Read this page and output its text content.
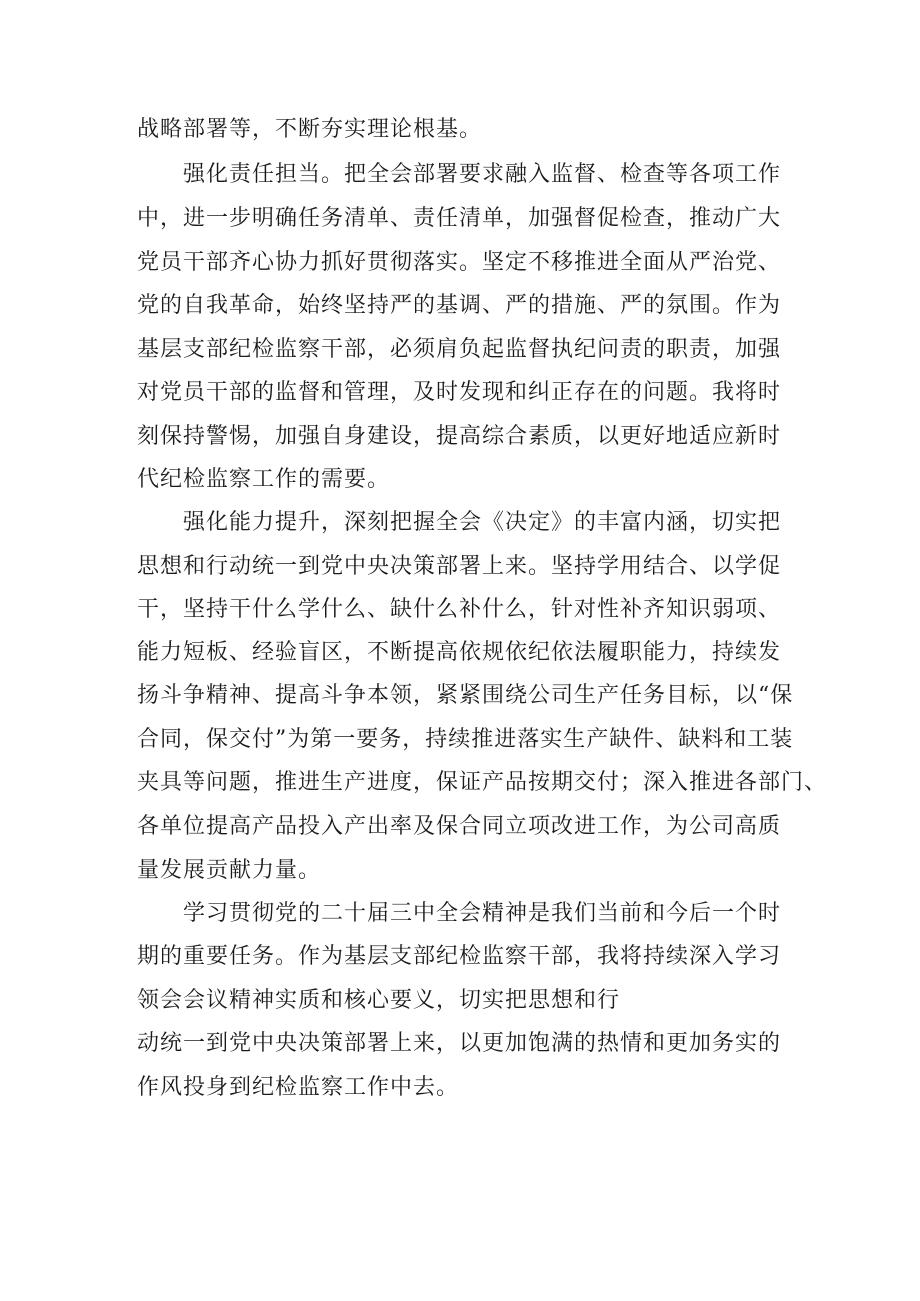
战略部署等，不断夯实理论根基。

强化责任担当。把全会部署要求融入监督、检查等各项工作

中，进一步明确任务清单、责任清单，加强督促检查，推动广大

党员干部齐心协力抓好贯彻落实。坚定不移推进全面从严治党、

党的自我革命，始终坚持严的基调、严的措施、严的氛围。作为

基层支部纪检监察干部，必须肩负起监督执纪问责的职责，加强

对党员干部的监督和管理，及时发现和纠正存在的问题。我将时

刻保持警惕，加强自身建设，提高综合素质，以更好地适应新时

代纪检监察工作的需要。

强化能力提升，深刻把握全会《决定》的丰富内涵，切实把

思想和行动统一到党中央决策部署上来。坚持学用结合、以学促

干，坚持干什么学什么、缺什么补什么，针对性补齐知识弱项、

能力短板、经验盲区，不断提高依规依纪依法履职能力，持续发

扬斗争精神、提高斗争本领，紧紧围绕公司生产任务目标，以“保

合同，保交付”为第一要务，持续推进落实生产缺件、缺料和工装

夹具等问题，推进生产进度，保证产品按期交付；深入推进各部门、

各单位提高产品投入产出率及保合同立项改进工作，为公司高质

量发展贡献力量。

学习贯彻党的二十届三中全会精神是我们当前和今后一个时

期的重要任务。作为基层支部纪检监察干部，我将持续深入学习

领会会议精神实质和核心要义，切实把思想和行

动统一到党中央决策部署上来，以更加饱满的热情和更加务实的

作风投身到纪检监察工作中去。
